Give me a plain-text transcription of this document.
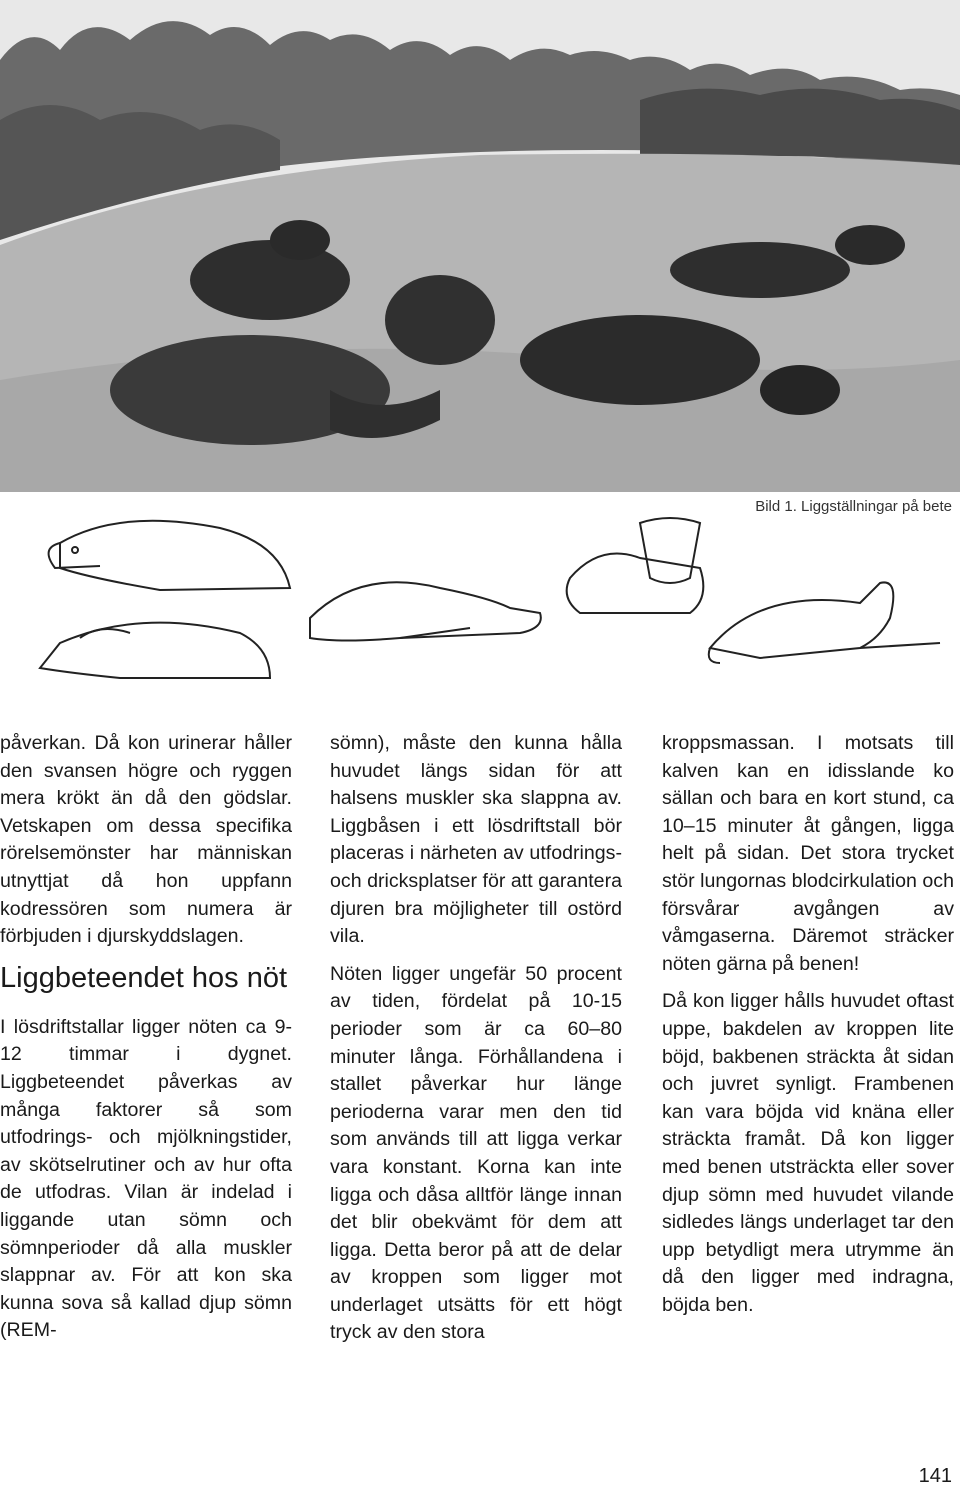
Bild 1. Liggställningar på bete

påverkan. Då kon urinerar håller den svansen högre och ryggen mera krökt än då den gödslar. Vetskapen om dessa specifika rörelsemönster har människan utnyttjat då hon uppfann kodressören som numera är förbjuden i djurskyddslagen.

Liggbeteendet hos nöt

I lösdriftstallar ligger nöten ca 9-12 timmar i dygnet. Liggbeteendet påverkas av många faktorer så som utfodrings- och mjölkningstider, av skötselrutiner och av hur ofta de utfodras. Vilan är indelad i liggande utan sömn och sömnperioder då alla muskler slappnar av. För att kon ska kunna sova så kallad djup sömn (REM-

sömn), måste den kunna hålla huvudet längs sidan för att halsens muskler ska slappna av. Liggbåsen i ett lösdriftstall bör placeras i närheten av utfodrings- och dricksplatser för att garantera djuren bra möjligheter till ostörd vila.

Nöten ligger ungefär 50 procent av tiden, fördelat på 10-15 perioder som är ca 60–80 minuter långa. Förhållandena i stallet påverkar hur länge perioderna varar men den tid som används till att ligga verkar vara konstant. Korna kan inte ligga och dåsa alltför länge innan det blir obekvämt för dem att ligga. Detta beror på att de delar av kroppen som ligger mot underlaget utsätts för ett högt tryck av den stora

kroppsmassan. I motsats till kalven kan en idisslande ko sällan och bara en kort stund, ca 10–15 minuter åt gången, ligga helt på sidan. Det stora trycket stör lungornas blodcirkulation och försvårar avgången av våmgaserna. Däremot sträcker nöten gärna på benen!

Då kon ligger hålls huvudet oftast uppe, bakdelen av kroppen lite böjd, bakbenen sträckta åt sidan och juvret synligt. Frambenen kan vara böjda vid knäna eller sträckta framåt. Då kon ligger med benen utsträckta eller sover djup sömn med huvudet vilande sidledes längs underlaget tar den upp betydligt mera utrymme än då den ligger med indragna, böjda ben.

141
